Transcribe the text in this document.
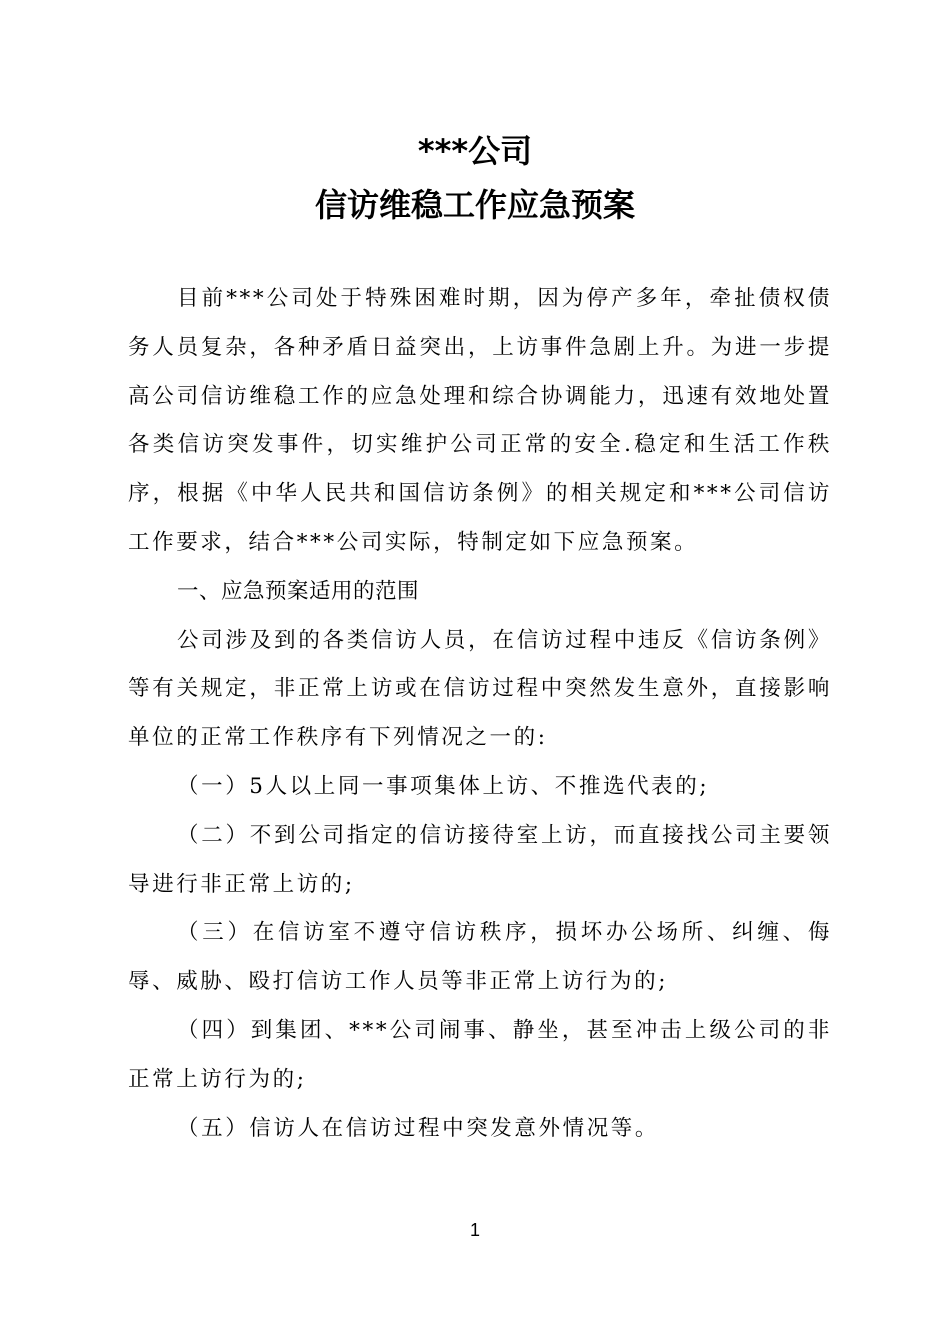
***公司
信访维稳工作应急预案

目前***公司处于特殊困难时期，因为停产多年，牵扯债权债务人员复杂，各种矛盾日益突出，上访事件急剧上升。为进一步提高公司信访维稳工作的应急处理和综合协调能力，迅速有效地处置各类信访突发事件，切实维护公司正常的安全.稳定和生活工作秩序，根据《中华人民共和国信访条例》的相关规定和***公司信访工作要求，结合***公司实际，特制定如下应急预案。

一、应急预案适用的范围

公司涉及到的各类信访人员，在信访过程中违反《信访条例》等有关规定，非正常上访或在信访过程中突然发生意外，直接影响单位的正常工作秩序有下列情况之一的:

（一）5人以上同一事项集体上访、不推选代表的;

（二）不到公司指定的信访接待室上访，而直接找公司主要领导进行非正常上访的;

（三）在信访室不遵守信访秩序，损坏办公场所、纠缠、侮辱、威胁、殴打信访工作人员等非正常上访行为的;

（四）到集团、***公司闹事、静坐，甚至冲击上级公司的非正常上访行为的;

（五）信访人在信访过程中突发意外情况等。

1
